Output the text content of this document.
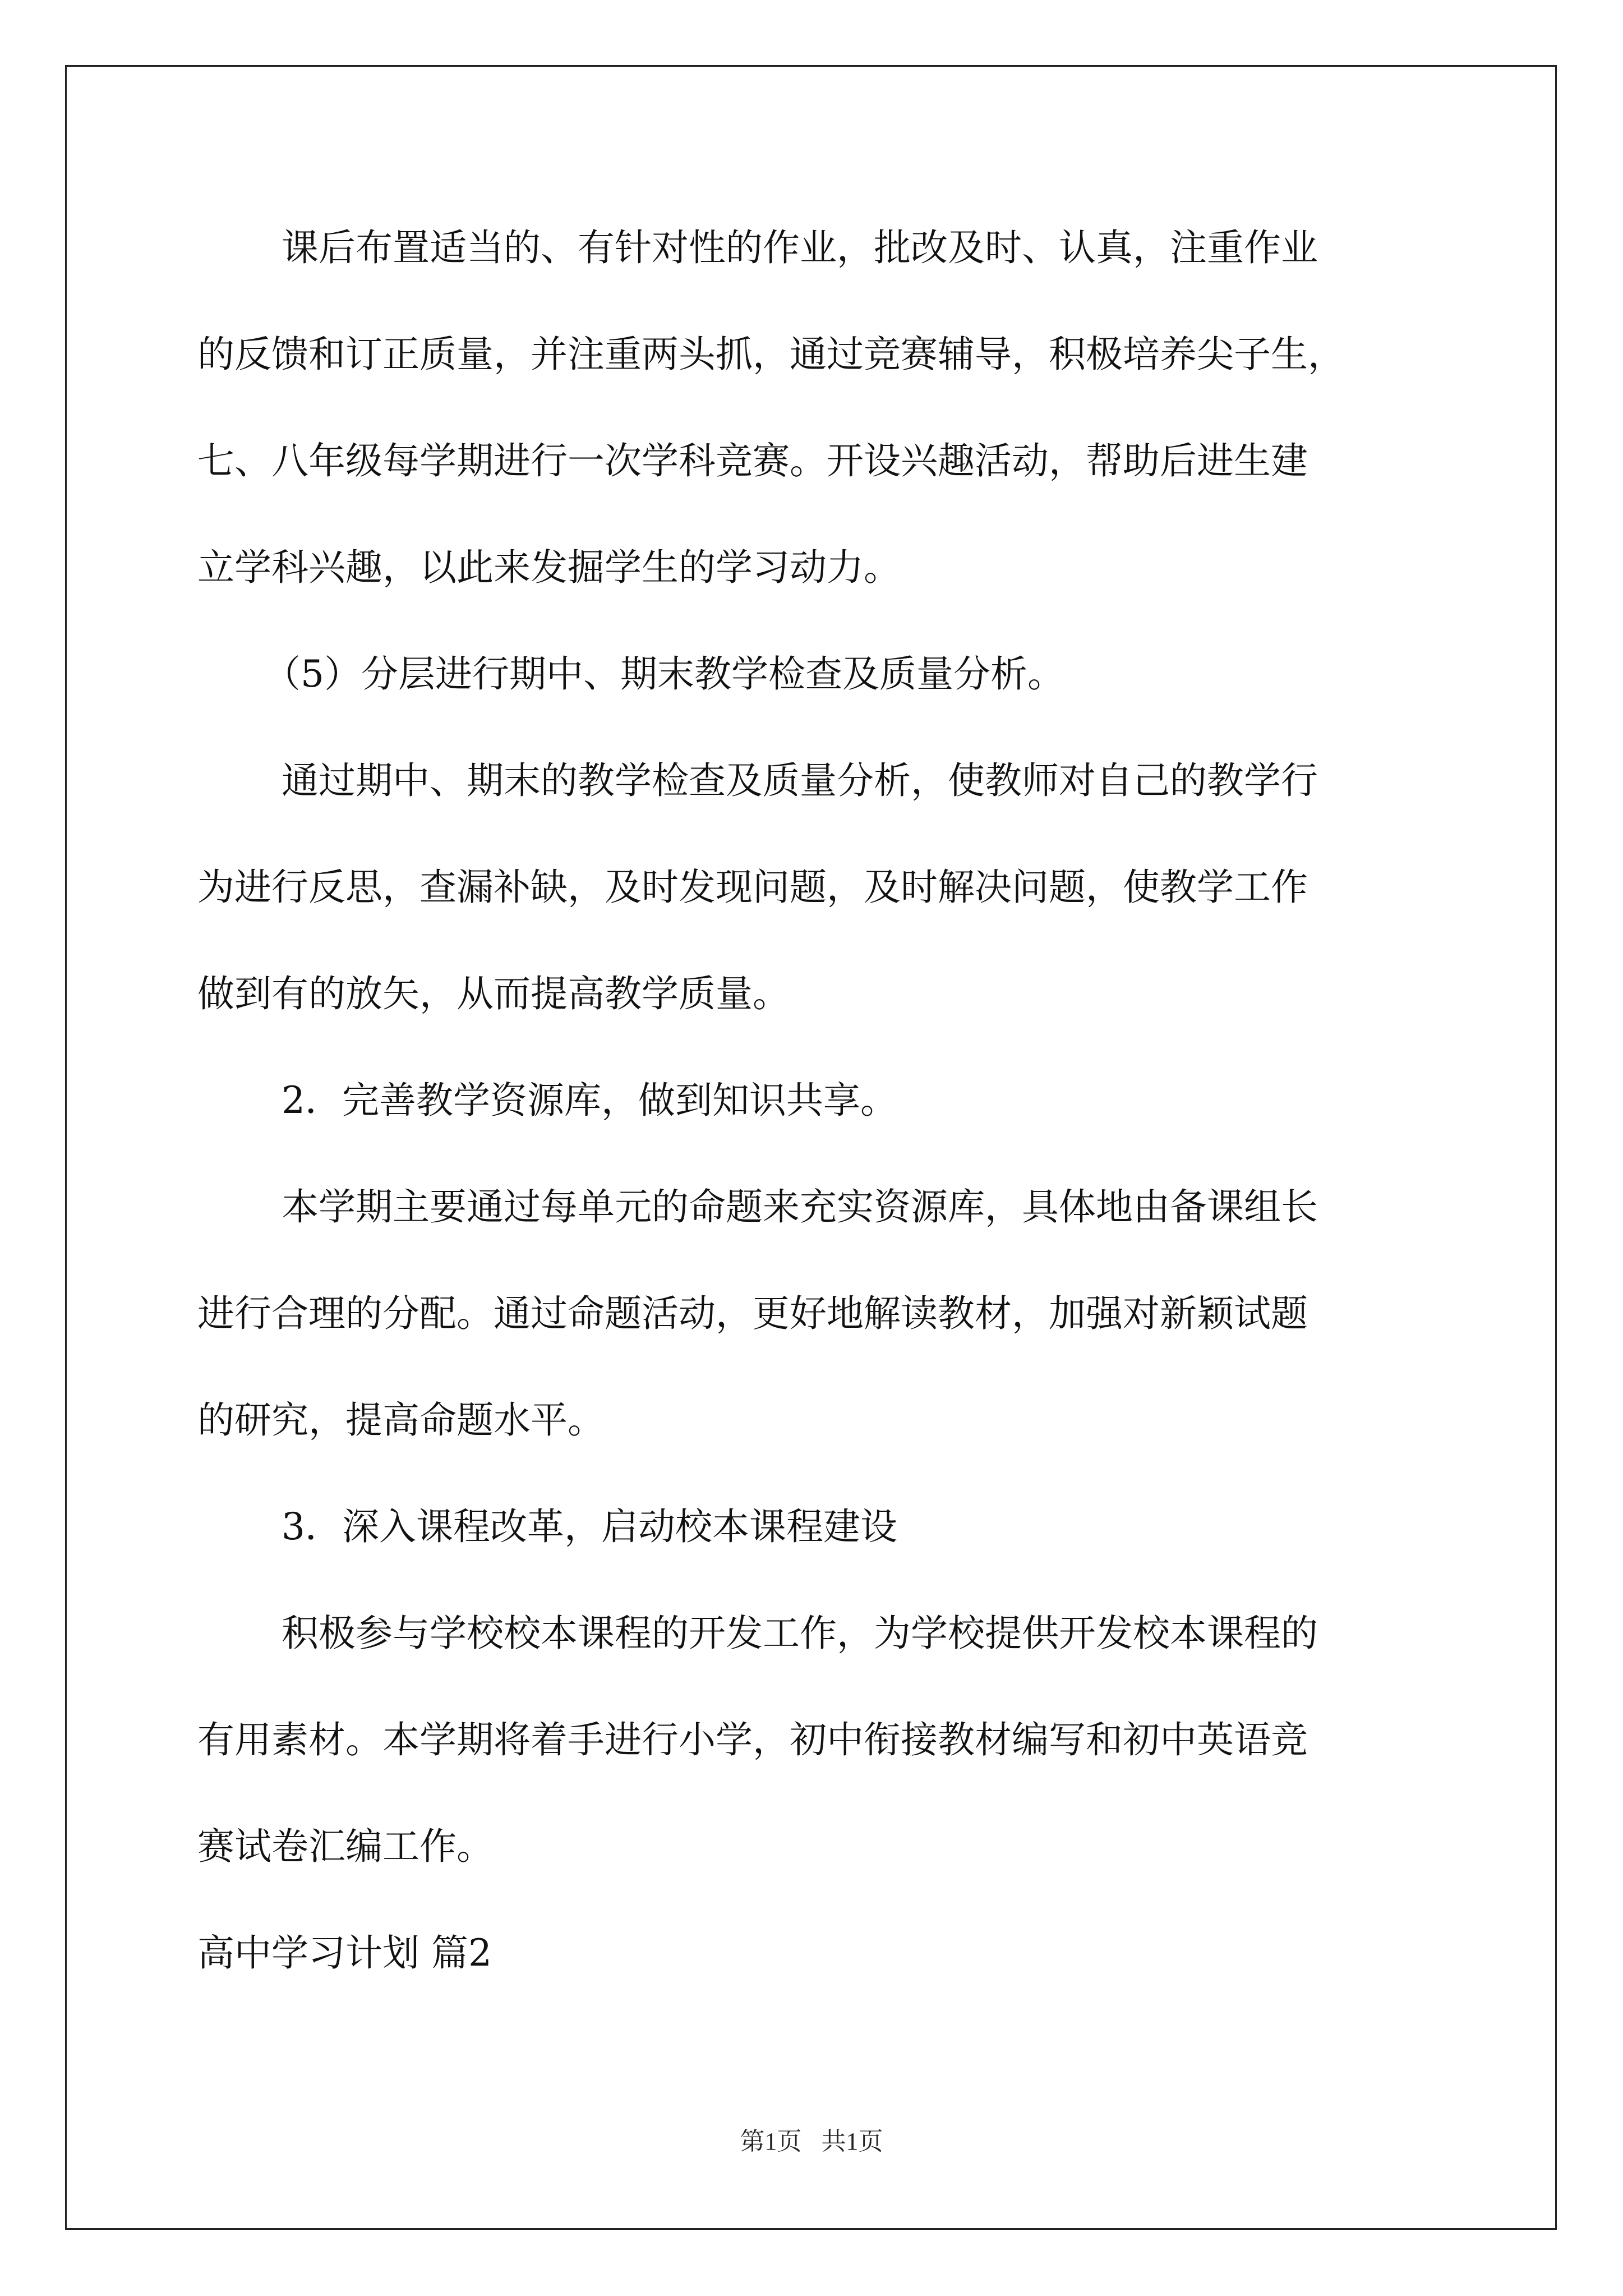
课后布置适当的、有针对性的作业，批改及时、认真，注重作业
的反馈和订正质量，并注重两头抓，通过竞赛辅导，积极培养尖子生，
七、八年级每学期进行一次学科竞赛。开设兴趣活动，帮助后进生建
立学科兴趣，以此来发掘学生的学习动力。
（5）分层进行期中、期末教学检查及质量分析。
通过期中、期末的教学检查及质量分析，使教师对自己的教学行
为进行反思，查漏补缺，及时发现问题，及时解决问题，使教学工作
做到有的放矢，从而提高教学质量。
2．完善教学资源库，做到知识共享。
本学期主要通过每单元的命题来充实资源库，具体地由备课组长
进行合理的分配。通过命题活动，更好地解读教材，加强对新颖试题
的研究，提高命题水平。
3．深入课程改革，启动校本课程建设
积极参与学校校本课程的开发工作，为学校提供开发校本课程的
有用素材。本学期将着手进行小学，初中衔接教材编写和初中英语竞
赛试卷汇编工作。
高中学习计划 篇2
第1页 共1页
